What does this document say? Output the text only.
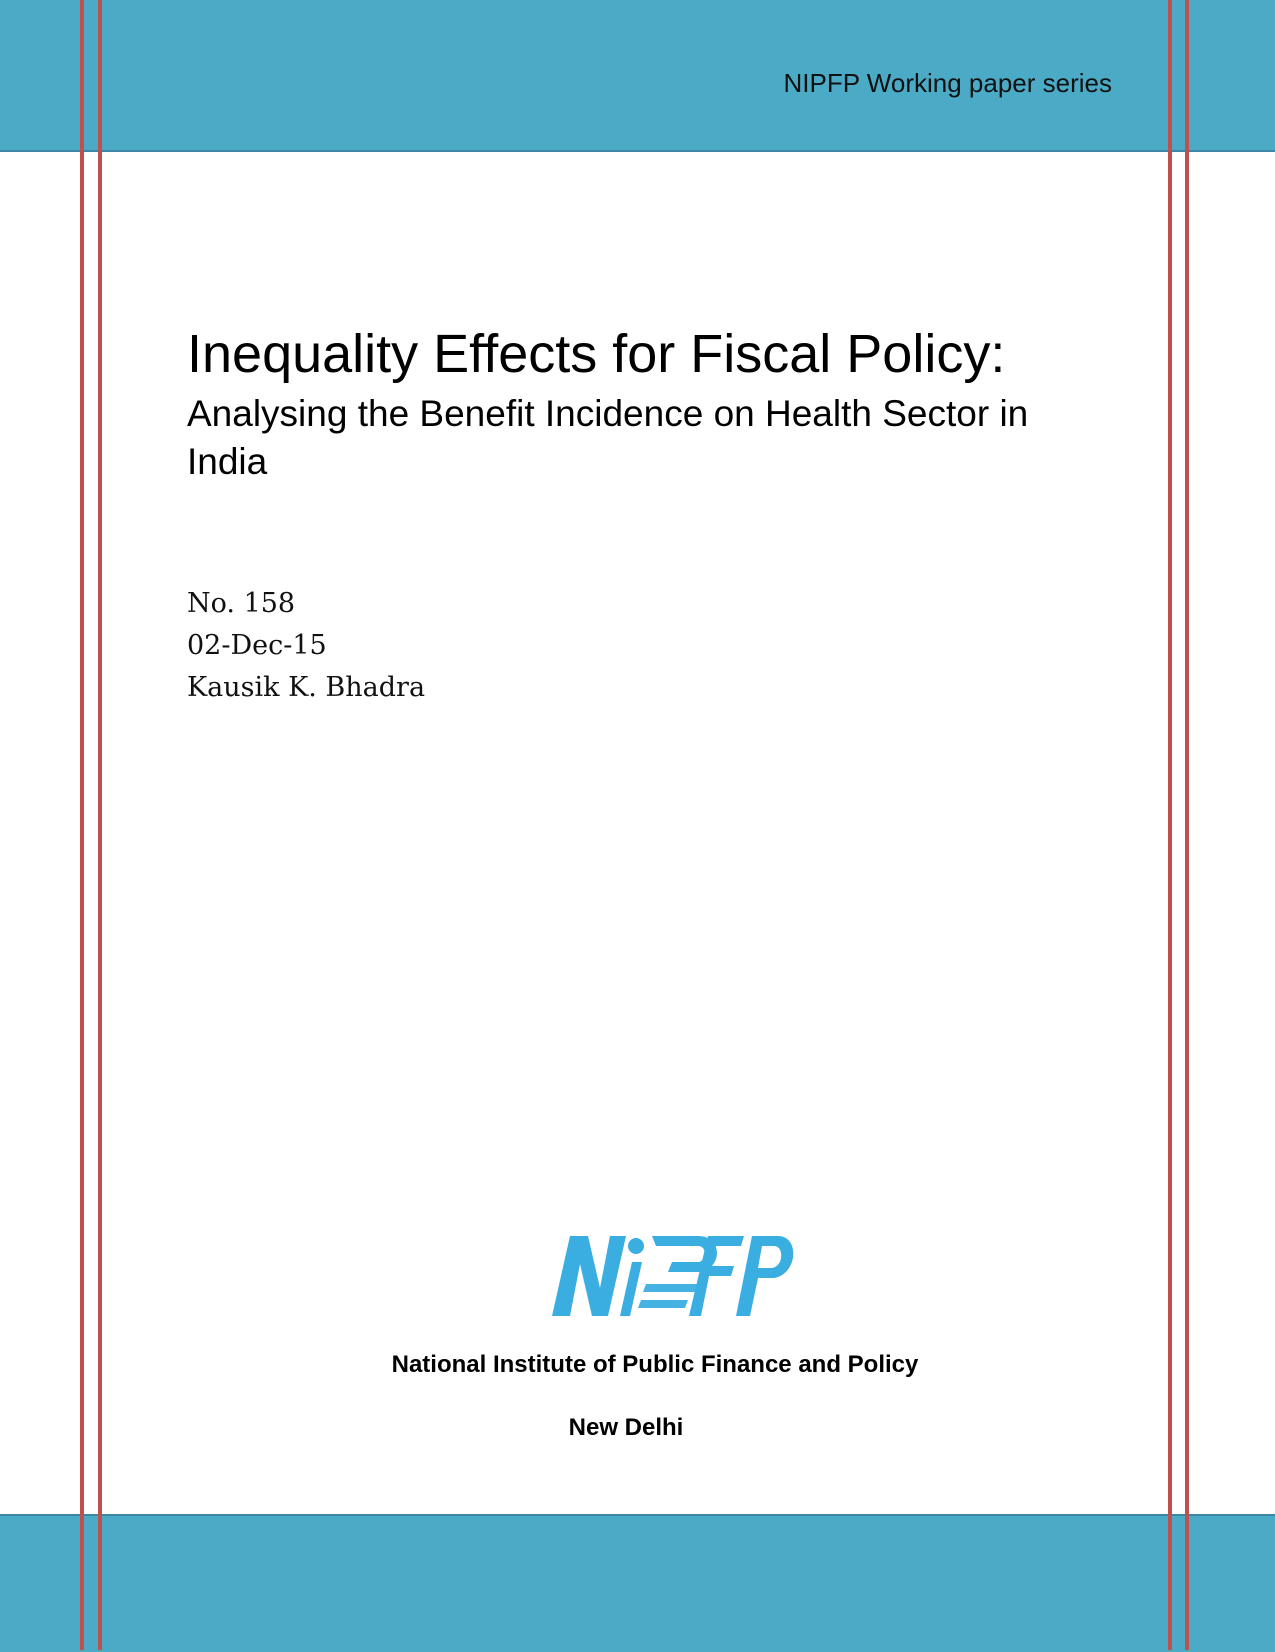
NIPFP Working paper series
Inequality Effects for Fiscal Policy:
Analysing the Benefit Incidence on Health Sector in India
No. 158
02-Dec-15
Kausik K. Bhadra
National Institute of Public Finance and Policy
New Delhi
